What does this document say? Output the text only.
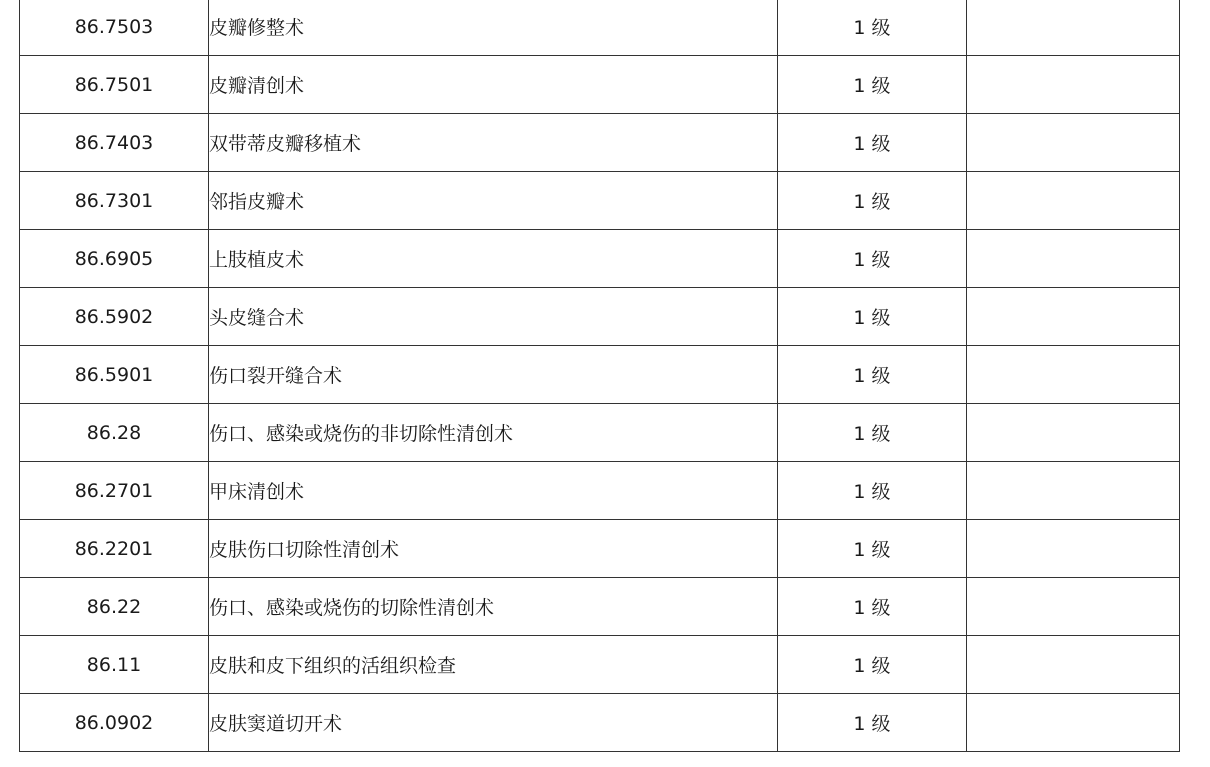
86.7503	皮瓣修整术	1 级	
86.7501	皮瓣清创术	1 级	
86.7403	双带蒂皮瓣移植术	1 级	
86.7301	邻指皮瓣术	1 级	
86.6905	上肢植皮术	1 级	
86.5902	头皮缝合术	1 级	
86.5901	伤口裂开缝合术	1 级	
86.28	伤口、感染或烧伤的非切除性清创术	1 级	
86.2701	甲床清创术	1 级	
86.2201	皮肤伤口切除性清创术	1 级	
86.22	伤口、感染或烧伤的切除性清创术	1 级	
86.11	皮肤和皮下组织的活组织检查	1 级	
86.0902	皮肤窦道切开术	1 级	
